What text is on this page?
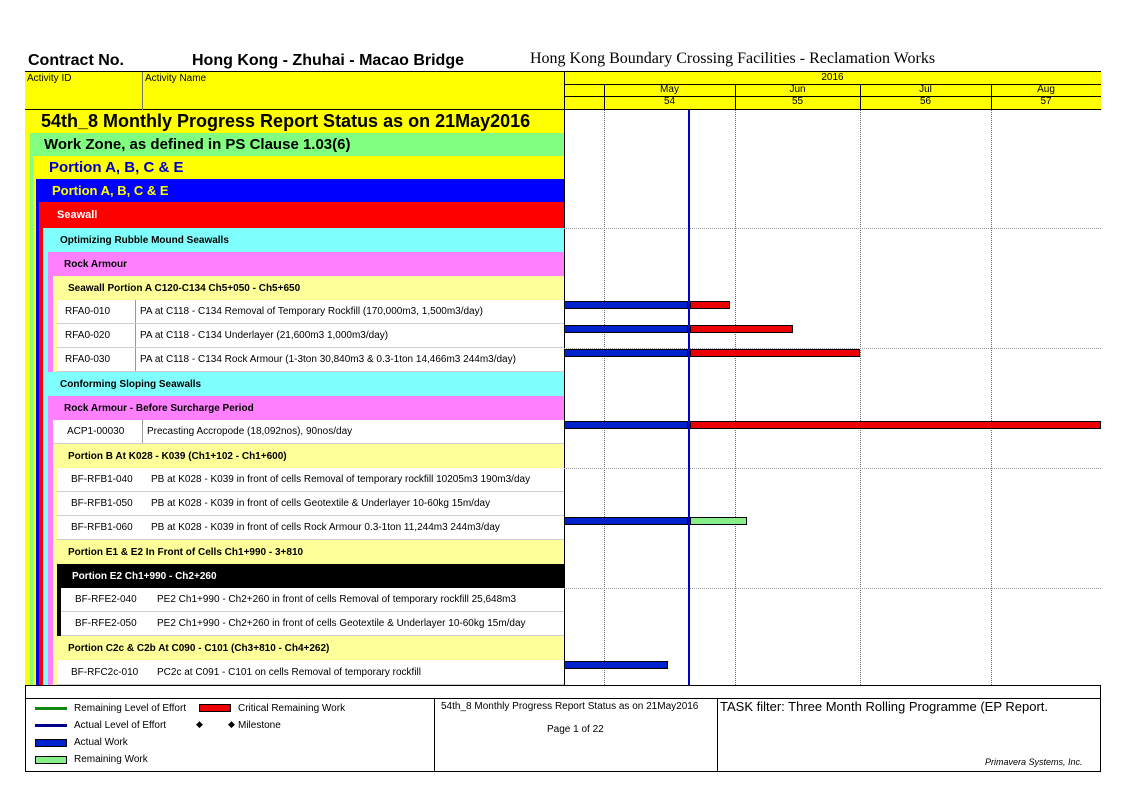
Contract No.	Hong Kong - Zhuhai - Macao Bridge	Hong Kong Boundary Crossing Facilities - Reclamation Works
Activity ID	Activity Name	2016
May	Jun	Jul	Aug
54	55	56	57
54th_8 Monthly Progress Report Status as on 21May2016
Work Zone, as defined in PS Clause 1.03(6)
Portion A, B, C & E
Portion A, B, C & E
Seawall
Optimizing Rubble Mound Seawalls
Rock Armour
Seawall Portion A C120-C134 Ch5+050 - Ch5+650
RFA0-010	PA at C118 - C134 Removal of Temporary Rockfill (170,000m3, 1,500m3/day)
RFA0-020	PA at C118 - C134 Underlayer (21,600m3 1,000m3/day)
RFA0-030	PA at C118 - C134 Rock Armour (1-3ton 30,840m3 & 0.3-1ton 14,466m3 244m3/day)
Conforming Sloping Seawalls
Rock Armour - Before Surcharge Period
ACP1-00030	Precasting Accropode (18,092nos), 90nos/day
Portion B At K028 - K039 (Ch1+102 - Ch1+600)
BF-RFB1-040	PB at K028 - K039 in front of cells Removal of temporary rockfill 10205m3 190m3/day
BF-RFB1-050	PB at K028 - K039 in front of cells Geotextile & Underlayer 10-60kg 15m/day
BF-RFB1-060	PB at K028 - K039 in front of cells Rock Armour 0.3-1ton 11,244m3 244m3/day
Portion E1 & E2 In Front of Cells Ch1+990 - 3+810
Portion E2 Ch1+990 - Ch2+260
BF-RFE2-040	PE2 Ch1+990 - Ch2+260 in front of cells Removal of temporary rockfill 25,648m3
BF-RFE2-050	PE2 Ch1+990 - Ch2+260 in front of cells Geotextile & Underlayer 10-60kg 15m/day
Portion C2c & C2b At C090 - C101 (Ch3+810 - Ch4+262)
BF-RFC2c-010	PC2c at C091 - C101 on cells Removal of temporary rockfill
Remaining Level of Effort	Critical Remaining Work
Actual Level of Effort	◆	◆ Milestone
Actual Work
Remaining Work
54th_8 Monthly Progress Report Status as on 21May2016
Page 1 of 22
TASK filter: Three Month Rolling Programme (EP Report.
Primavera Systems, Inc.
